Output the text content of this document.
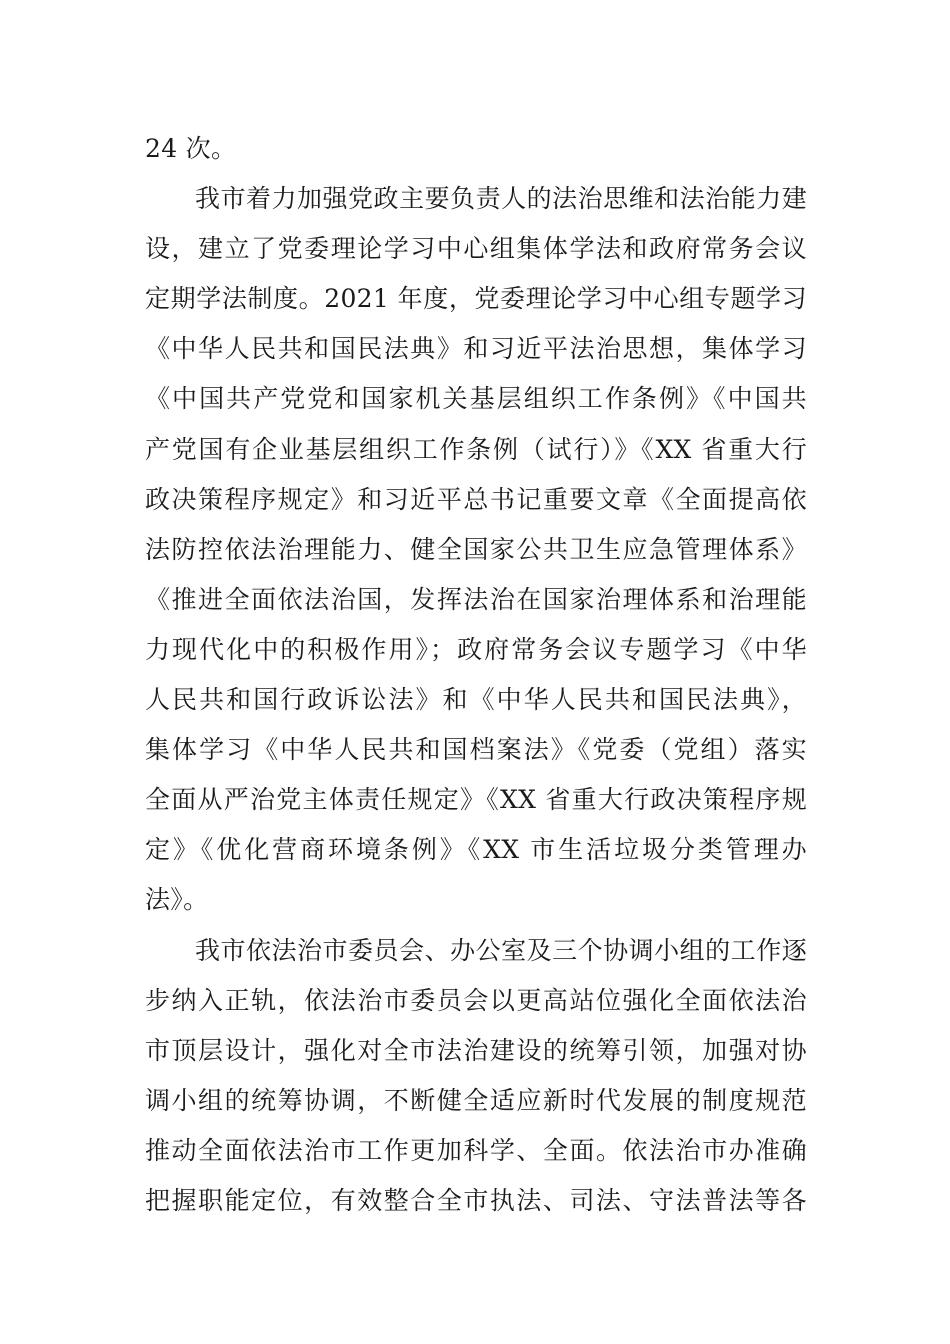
24 次。
我市着力加强党政主要负责人的法治思维和法治能力建
设，建立了党委理论学习中心组集体学法和政府常务会议
定期学法制度。2021 年度，党委理论学习中心组专题学习
《中华人民共和国民法典》和习近平法治思想，集体学习
《中国共产党党和国家机关基层组织工作条例》《中国共
产党国有企业基层组织工作条例（试行）》《XX 省重大行
政决策程序规定》和习近平总书记重要文章《全面提高依
法防控依法治理能力、健全国家公共卫生应急管理体系》
《推进全面依法治国，发挥法治在国家治理体系和治理能
力现代化中的积极作用》；政府常务会议专题学习《中华
人民共和国行政诉讼法》和《中华人民共和国民法典》，
集体学习《中华人民共和国档案法》《党委（党组）落实
全面从严治党主体责任规定》《XX 省重大行政决策程序规
定》《优化营商环境条例》《XX 市生活垃圾分类管理办
法》。
我市依法治市委员会、办公室及三个协调小组的工作逐
步纳入正轨，依法治市委员会以更高站位强化全面依法治
市顶层设计，强化对全市法治建设的统筹引领，加强对协
调小组的统筹协调，不断健全适应新时代发展的制度规范
推动全面依法治市工作更加科学、全面。依法治市办准确
把握职能定位，有效整合全市执法、司法、守法普法等各
